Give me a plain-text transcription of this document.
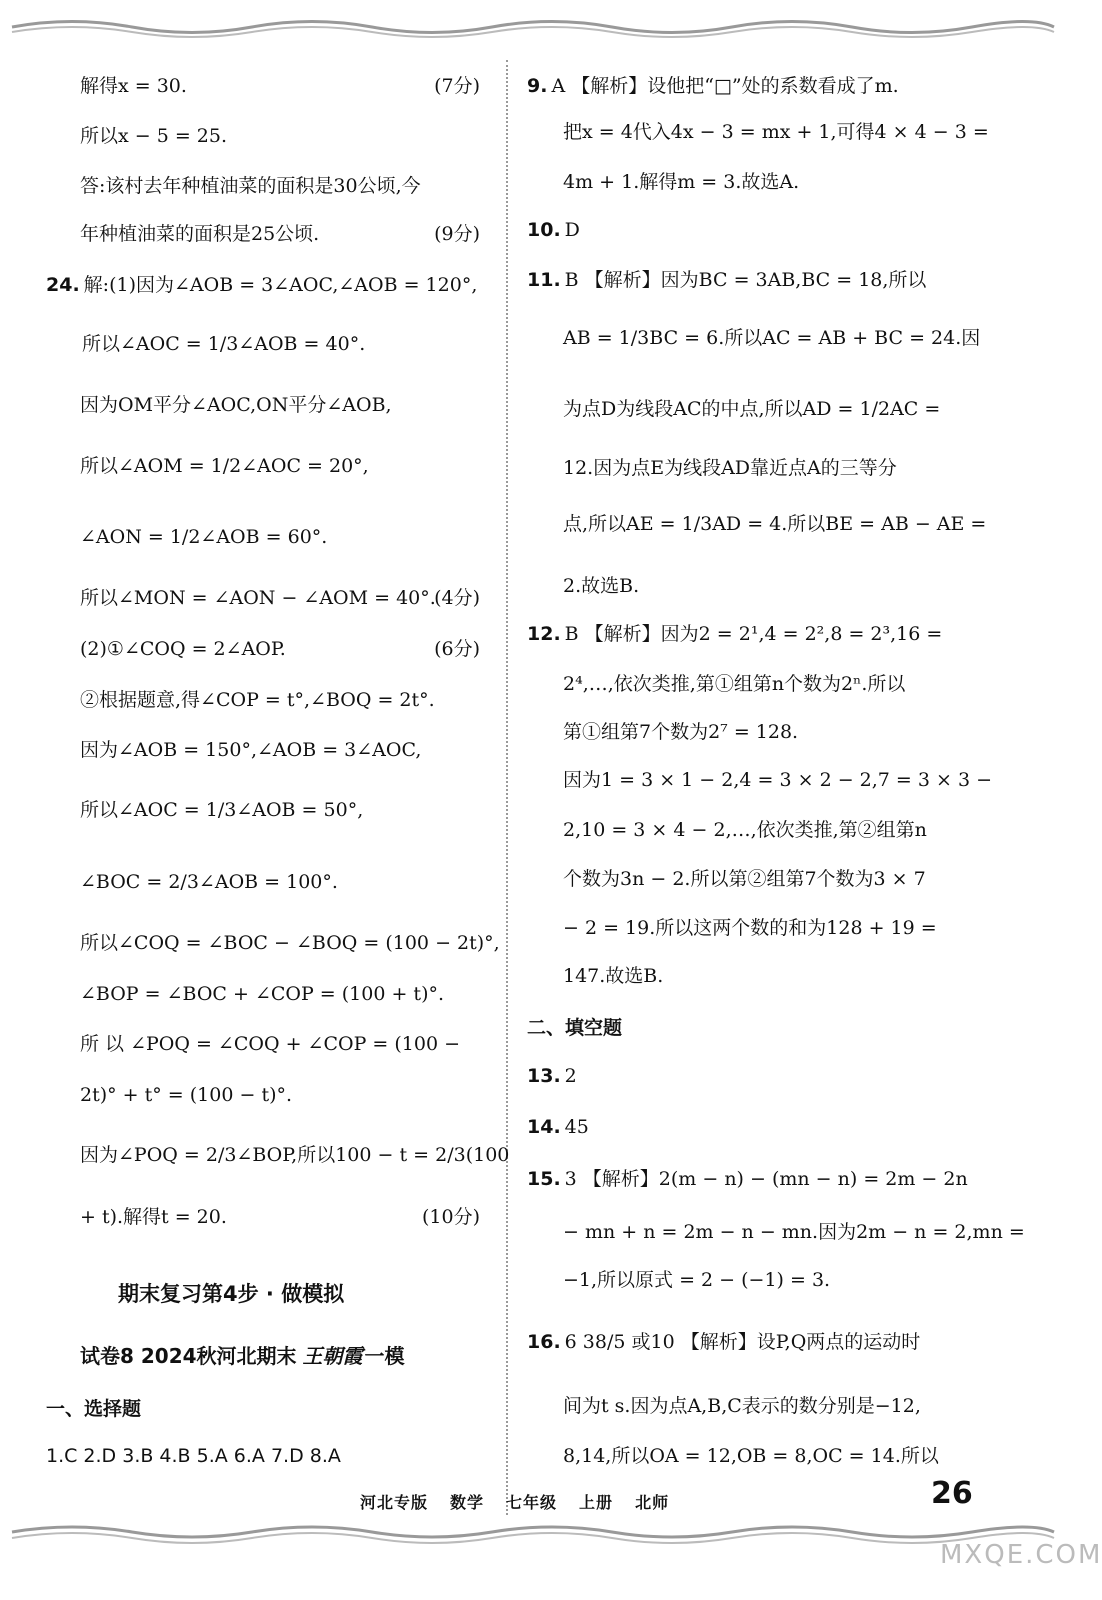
解得x = 30.	(7分)
所以x − 5 = 25.
答:该村去年种植油菜的面积是30公顷,今
年种植油菜的面积是25公顷.	(9分)
24. 解:(1)因为∠AOB = 3∠AOC,∠AOB = 120°,
所以∠AOC = 1/3∠AOB = 40°.
因为OM平分∠AOC,ON平分∠AOB,
所以∠AOM = 1/2∠AOC = 20°,
∠AON = 1/2∠AOB = 60°.
所以∠MON = ∠AON − ∠AOM = 40°.
(4分)
(2)①∠COQ = 2∠AOP.	(6分)
②根据题意,得∠COP = t°,∠BOQ = 2t°.
因为∠AOB = 150°,∠AOB = 3∠AOC,
所以∠AOC = 1/3∠AOB = 50°,
∠BOC = 2/3∠AOB = 100°.
所以∠COQ = ∠BOC − ∠BOQ = (100 − 2t)°,
∠BOP = ∠BOC + ∠COP = (100 + t)°.
所 以 ∠POQ = ∠COQ + ∠COP = (100 −
2t)° + t° = (100 − t)°.
因为∠POQ = 2/3∠BOP,所以100 − t = 2/3(100
+ t).解得t = 20.	(10分)
期末复习第4步 · 做模拟
试卷8 2024秋河北期末 王朝霞 一模
一、选择题
1.C 2.D 3.B 4.B 5.A 6.A 7.D 8.A
9. A 【解析】设他把“□”处的系数看成了m.
把x = 4代入4x − 3 = mx + 1,可得4 × 4 − 3 =
4m + 1.解得m = 3.故选A.
10. D
11. B 【解析】因为BC = 3AB,BC = 18,所以
AB = 1/3BC = 6.所以AC = AB + BC = 24.因
为点D为线段AC的中点,所以AD = 1/2AC =
12.因为点E为线段AD靠近点A的三等分
点,所以AE = 1/3AD = 4.所以BE = AB − AE =
2.故选B.
12. B 【解析】因为2 = 2¹,4 = 2²,8 = 2³,16 =
2⁴,…,依次类推,第①组第n个数为2ⁿ.所以
第①组第7个数为2⁷ = 128.
因为1 = 3 × 1 − 2,4 = 3 × 2 − 2,7 = 3 × 3 −
2,10 = 3 × 4 − 2,…,依次类推,第②组第n
个数为3n − 2.所以第②组第7个数为3 × 7
− 2 = 19.所以这两个数的和为128 + 19 =
147.故选B.
二、填空题
13. 2
14. 45
15. 3 【解析】2(m − n) − (mn − n) = 2m − 2n
− mn + n = 2m − n − mn.因为2m − n = 2,mn =
−1,所以原式 = 2 − (−1) = 3.
16. 6 38/5 或10 【解析】设P,Q两点的运动时
间为t s.因为点A,B,C表示的数分别是−12,
8,14,所以OA = 12,OB = 8,OC = 14.所以
河北专版 数学 七年级 上册 北师	26
MXQE.COM
